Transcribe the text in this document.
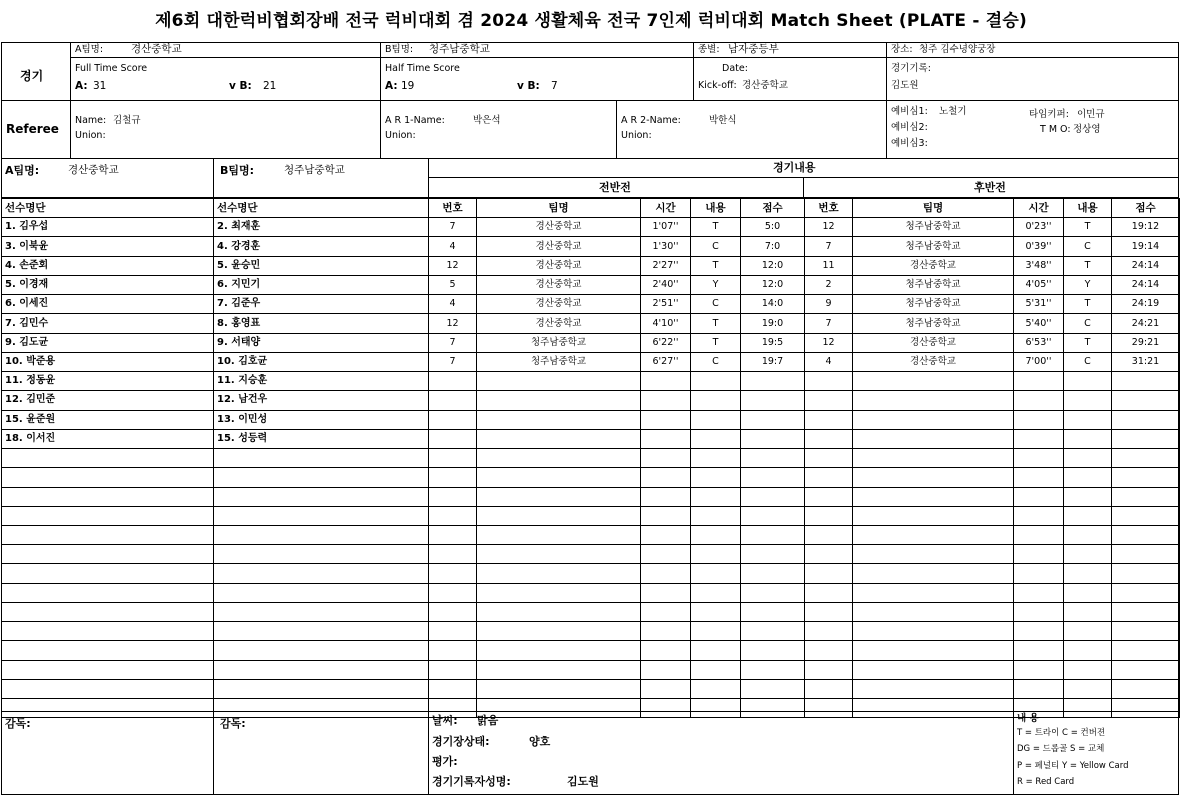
제6회 대한럭비협회장배 전국 럭비대회 겸 2024 생활체육 전국 7인제 럭비대회 Match Sheet (PLATE - 결승)
경기
A팀명:	경산중학교	B팀명: 청주남중학교	종별: 남자중등부	장소: 청주 김수녕양궁장
Full Time Score
A: 31	v B: 21
Half Time Score
A: 19	v B: 7
Date:
Kick-off: 경산중학교
경기기록:
김도원
Referee
Name: 김철규
Union:
A R 1-Name:	박은석
Union:
A R 2-Name:	박한식
Union:
예비심1: 노철기
예비심2:
예비심3:
타임키퍼: 이민규
T M O: 정상영
A팀명:	경산중학교	B팀명:	청주남중학교	경기내용
전반전	후반전
선수명단	선수명단	번호	팀명	시간	내용	점수	번호	팀명	시간	내용	점수
1. 김우섭	2. 최재훈	7	경산중학교	1'07''	T	5:0	12	청주남중학교	0'23''	T	19:12
3. 이북윤	4. 강경훈	4	경산중학교	1'30''	C	7:0	7	청주남중학교	0'39''	C	19:14
4. 손준회	5. 윤승민	12	경산중학교	2'27''	T	12:0	11	경산중학교	3'48''	T	24:14
5. 이경재	6. 지민기	5	경산중학교	2'40''	Y	12:0	2	청주남중학교	4'05''	Y	24:14
6. 이세진	7. 김준우	4	경산중학교	2'51''	C	14:0	9	청주남중학교	5'31''	T	24:19
7. 김민수	8. 홍영표	12	경산중학교	4'10''	T	19:0	7	청주남중학교	5'40''	C	24:21
9. 김도균	9. 서태양	7	청주남중학교	6'22''	T	19:5	12	경산중학교	6'53''	T	29:21
10. 박준용	10. 김호균	7	청주남중학교	6'27''	C	19:7	4	경산중학교	7'00''	C	31:21
11. 정동윤	11. 지승훈										
12. 김민준	12. 남건우										
15. 윤준원	13. 이민성										
18. 이서진	15. 성등력										

감독:	감독:	날씨: 맑음
경기장상태:	양호
평가:
경기기록자성명:	김도원
내 용
T = 트라이 C = 컨버젼
DG = 드롭골 S = 교체
P = 페널티 Y = Yellow Card
R = Red Card
